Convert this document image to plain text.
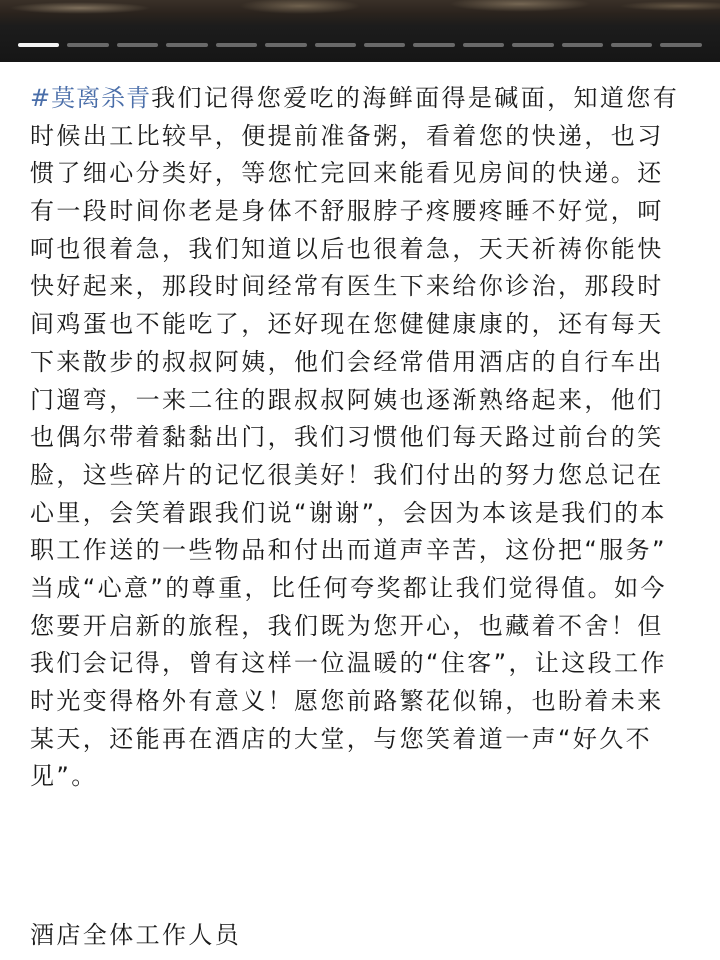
#莫离杀青我们记得您爱吃的海鲜面得是碱面，知道您有
时候出工比较早，便提前准备粥，看着您的快递，也习
惯了细心分类好，等您忙完回来能看见房间的快递。还
有一段时间你老是身体不舒服脖子疼腰疼睡不好觉，呵
呵也很着急，我们知道以后也很着急，天天祈祷你能快
快好起来，那段时间经常有医生下来给你诊治，那段时
间鸡蛋也不能吃了，还好现在您健健康康的，还有每天
下来散步的叔叔阿姨，他们会经常借用酒店的自行车出
门遛弯，一来二往的跟叔叔阿姨也逐渐熟络起来，他们
也偶尔带着黏黏出门，我们习惯他们每天路过前台的笑
脸，这些碎片的记忆很美好！我们付出的努力您总记在
心里，会笑着跟我们说“谢谢”，会因为本该是我们的本
职工作送的一些物品和付出而道声辛苦，这份把“服务”
当成“心意”的尊重，比任何夸奖都让我们觉得值。如今
您要开启新的旅程，我们既为您开心，也藏着不舍！但
我们会记得，曾有这样一位温暖的“住客”，让这段工作
时光变得格外有意义！愿您前路繁花似锦，也盼着未来
某天，还能再在酒店的大堂，与您笑着道一声“好久不
见”。
酒店全体工作人员
